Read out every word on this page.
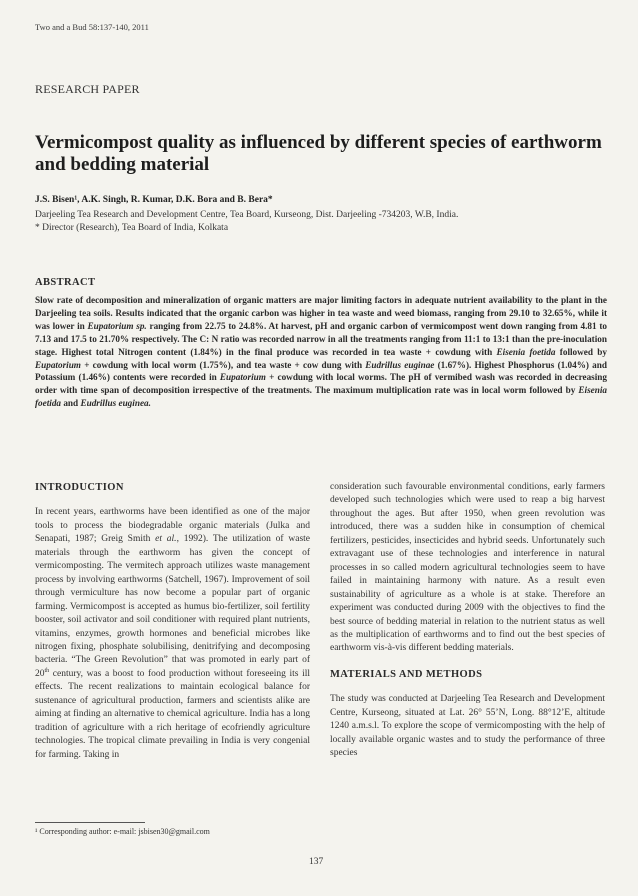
Two and a Bud 58:137-140, 2011
RESEARCH PAPER
Vermicompost quality as influenced by different species of earthworm and bedding material
J.S. Bisen¹, A.K. Singh, R. Kumar, D.K. Bora and B. Bera*
Darjeeling Tea Research and Development Centre, Tea Board, Kurseong, Dist. Darjeeling -734203, W.B, India.
* Director (Research), Tea Board of India, Kolkata
ABSTRACT

Slow rate of decomposition and mineralization of organic matters are major limiting factors in adequate nutrient availability to the plant in the Darjeeling tea soils. Results indicated that the organic carbon was higher in tea waste and weed biomass, ranging from 29.10 to 32.65%, while it was lower in Eupatorium sp. ranging from 22.75 to 24.8%. At harvest, pH and organic carbon of vermicompost went down ranging from 4.81 to 7.13 and 17.5 to 21.70% respectively. The C: N ratio was recorded narrow in all the treatments ranging from 11:1 to 13:1 than the pre-inoculation stage. Highest total Nitrogen content (1.84%) in the final produce was recorded in tea waste + cowdung with Eisenia foetida followed by Eupatorium + cowdung with local worm (1.75%), and tea waste + cow dung with Eudrillus euginae (1.67%). Highest Phosphorus (1.04%) and Potassium (1.46%) contents were recorded in Eupatorium + cowdung with local worms. The pH of vermibed wash was recorded in decreasing order with time span of decomposition irrespective of the treatments. The maximum multiplication rate was in local worm followed by Eisenia foetida and Eudrillus euginea.

INTRODUCTION

In recent years, earthworms have been identified as one of the major tools to process the biodegradable organic materials (Julka and Senapati, 1987; Greig Smith et al., 1992). The utilization of waste materials through the earthworm has given the concept of vermicomposting. The vermitech approach utilizes waste management process by involving earthworms (Satchell, 1967). Improvement of soil through vermiculture has now become a popular part of organic farming. Vermicompost is accepted as humus bio-fertilizer, soil fertility booster, soil activator and soil conditioner with required plant nutrients, vitamins, enzymes, growth hormones and beneficial microbes like nitrogen fixing, phosphate solubilising, denitrifying and decomposing bacteria. “The Green Revolution” that was promoted in early part of 20th century, was a boost to food production without foreseeing its ill effects. The recent realizations to maintain ecological balance for sustenance of agricultural production, farmers and scientists alike are aiming at finding an alternative to chemical agriculture. India has a long tradition of agriculture with a rich heritage of ecofriendly agriculture technologies. The tropical climate prevailing in India is very congenial for farming. Taking in

consideration such favourable environmental conditions, early farmers developed such technologies which were used to reap a big harvest throughout the ages. But after 1950, when green revolution was introduced, there was a sudden hike in consumption of chemical fertilizers, pesticides, insecticides and hybrid seeds. Unfortunately such extravagant use of these technologies and interference in natural processes in so called modern agricultural technologies seem to have failed in maintaining harmony with nature. As a result even sustainability of agriculture as a whole is at stake. Therefore an experiment was conducted during 2009 with the objectives to find the best source of bedding material in relation to the nutrient status as well as the multiplication of earthworms and to find out the best species of earthworm vis-à-vis different bedding materials.

MATERIALS AND METHODS

The study was conducted at Darjeeling Tea Research and Development Centre, Kurseong, situated at Lat. 26° 55’N, Long. 88°12’E, altitude 1240 a.m.s.l. To explore the scope of vermicomposting with the help of locally available organic wastes and to study the performance of three species

¹ Corresponding author: e-mail: jsbisen30@gmail.com
137
